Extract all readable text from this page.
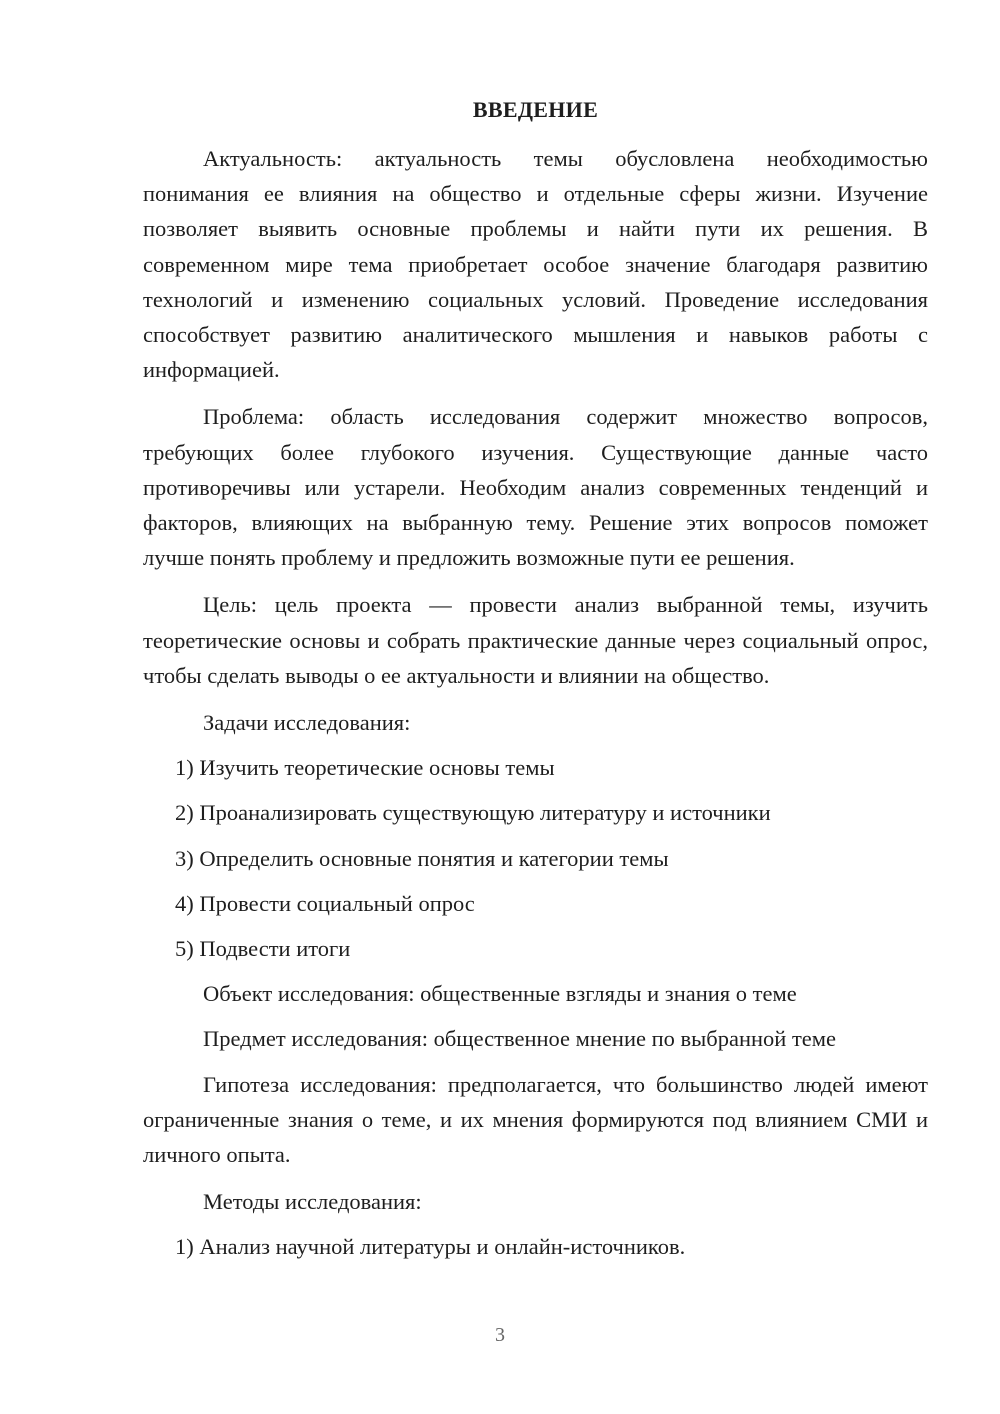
ВВЕДЕНИЕ

Актуальность: актуальность темы обусловлена необходимостью понимания ее влияния на общество и отдельные сферы жизни. Изучение позволяет выявить основные проблемы и найти пути их решения. В современном мире тема приобретает особое значение благодаря развитию технологий и изменению социальных условий. Проведение исследования способствует развитию аналитического мышления и навыков работы с информацией.

Проблема: область исследования содержит множество вопросов, требующих более глубокого изучения. Существующие данные часто противоречивы или устарели. Необходим анализ современных тенденций и факторов, влияющих на выбранную тему. Решение этих вопросов поможет лучше понять проблему и предложить возможные пути ее решения.

Цель: цель проекта — провести анализ выбранной темы, изучить теоретические основы и собрать практические данные через социальный опрос, чтобы сделать выводы о ее актуальности и влиянии на общество.

Задачи исследования:
1) Изучить теоретические основы темы
2) Проанализировать существующую литературу и источники
3) Определить основные понятия и категории темы
4) Провести социальный опрос
5) Подвести итоги
Объект исследования: общественные взгляды и знания о теме
Предмет исследования: общественное мнение по выбранной теме

Гипотеза исследования: предполагается, что большинство людей имеют ограниченные знания о теме, и их мнения формируются под влиянием СМИ и личного опыта.

Методы исследования:
1) Анализ научной литературы и онлайн-источников.
3
